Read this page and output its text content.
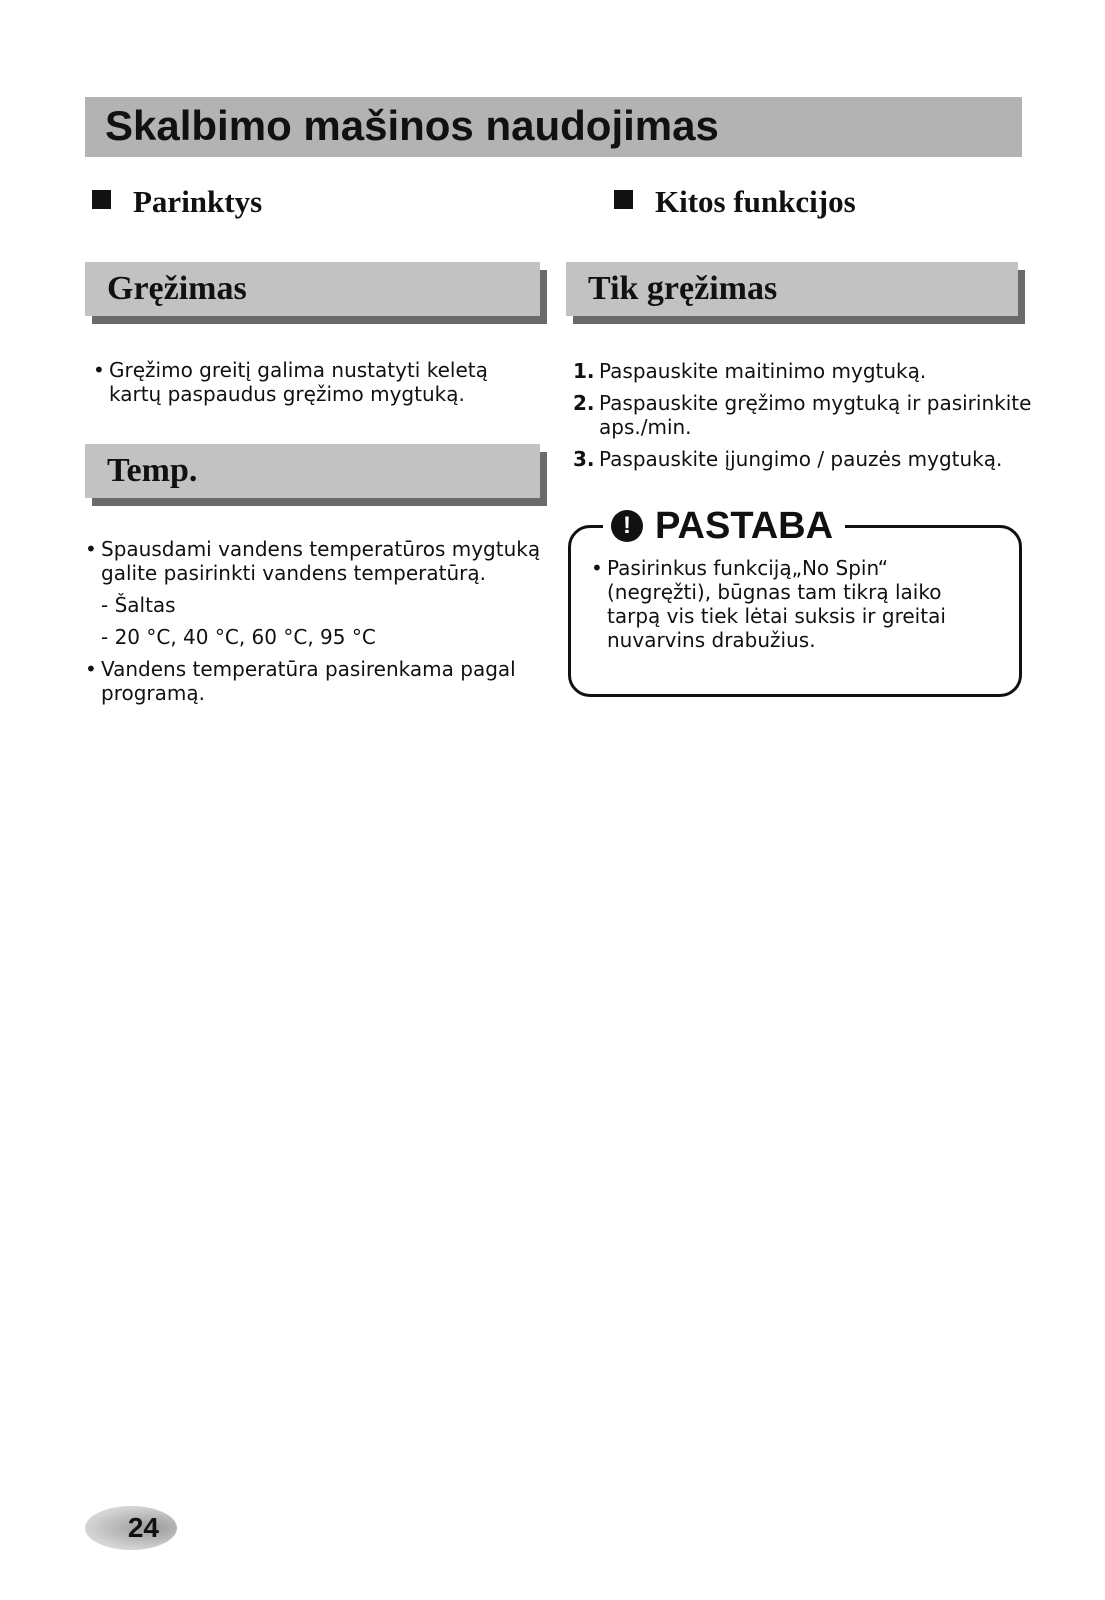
Skalbimo mašinos naudojimas
Parinktys	Kitos funkcijos
Gręžimas
• Gręžimo greitį galima nustatyti keletą kartų paspaudus gręžimo mygtuką.
Temp.
• Spausdami vandens temperatūros mygtuką galite pasirinkti vandens temperatūrą.

- Šaltas

- 20 °C, 40 °C, 60 °C, 95 °C

• Vandens temperatūra pasirenkama pagal programą.
Tik gręžimas
1. Paspauskite maitinimo mygtuką.
2. Paspauskite gręžimo mygtuką ir pasirinkite aps./min.
3. Paspauskite įjungimo / pauzės mygtuką.
• Pasirinkus funkciją„No Spin“ (negręžti), būgnas tam tikrą laiko tarpą vis tiek lėtai suksis ir greitai nuvarvins drabužius.
! PASTABA
24
